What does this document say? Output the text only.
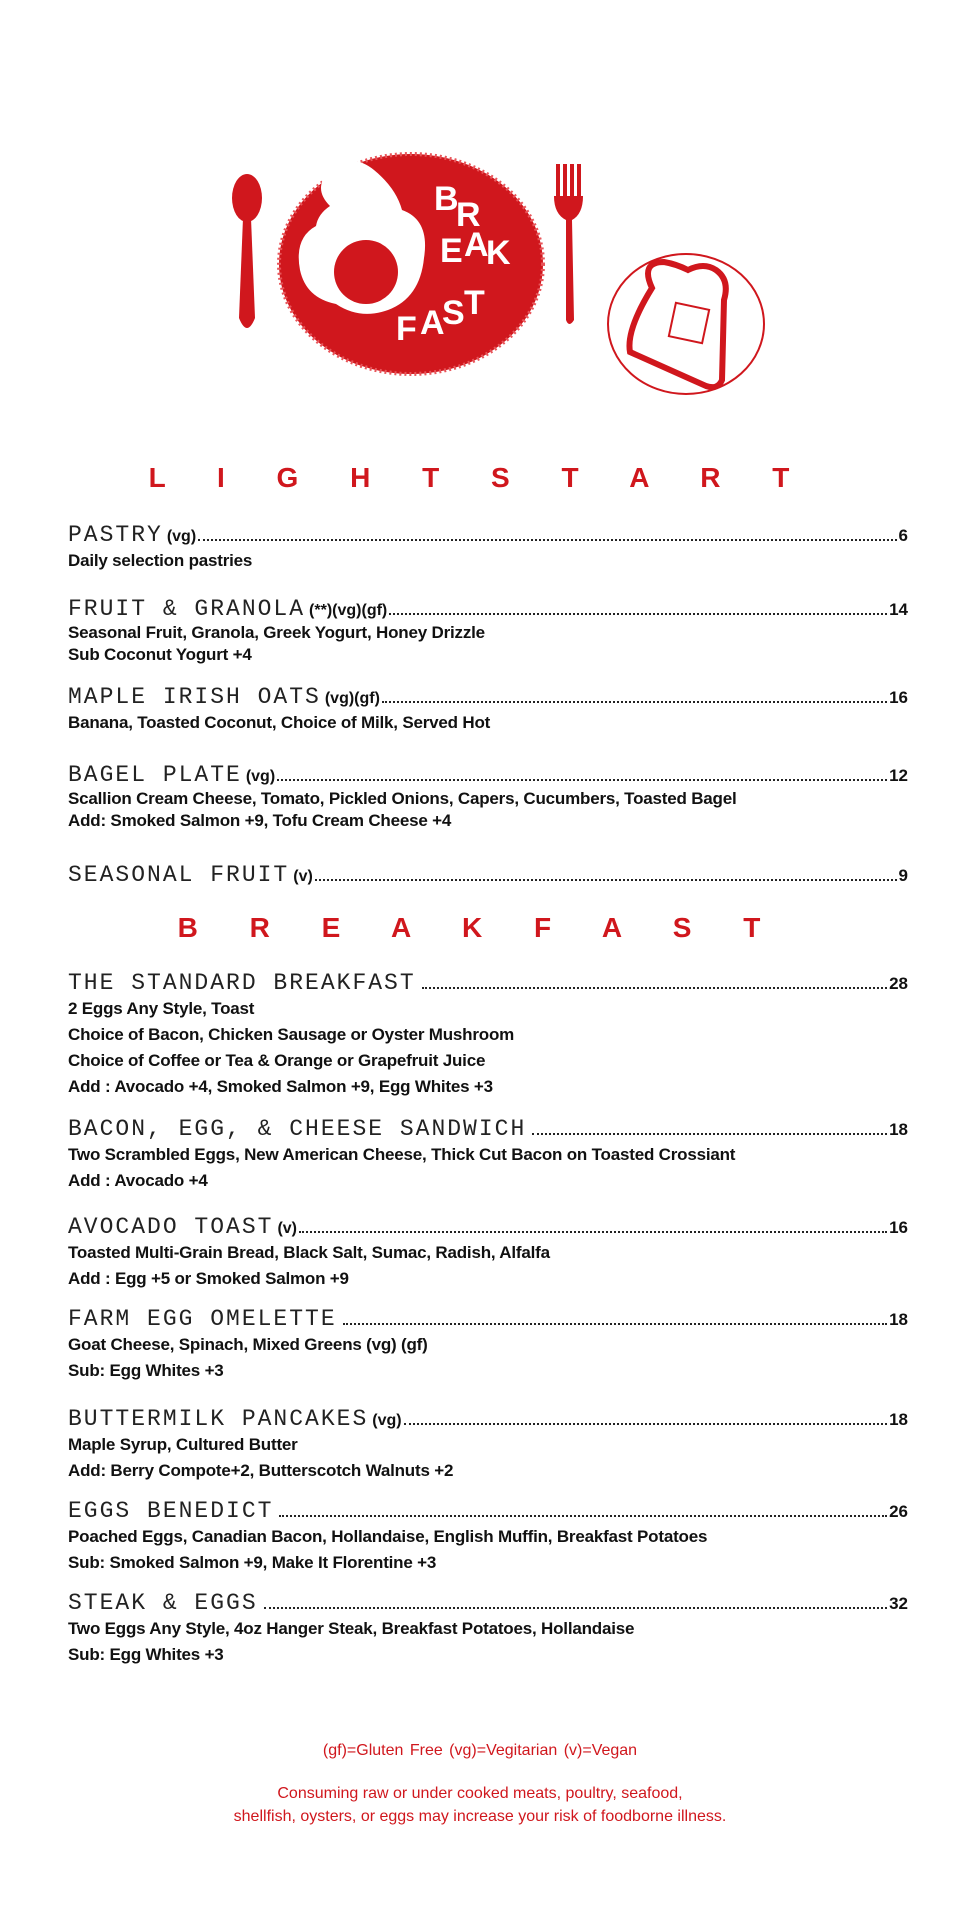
B
R
E A
K
F A
S T
L I G H T S T A R T
PASTRY (vg)	6
Daily selection pastries
FRUIT & GRANOLA (**)(vg)(gf)	14
Seasonal Fruit, Granola, Greek Yogurt, Honey Drizzle
Sub Coconut Yogurt +4
MAPLE IRISH OATS (vg)(gf)	16
Banana, Toasted Coconut, Choice of Milk, Served Hot
BAGEL PLATE (vg)	12
Scallion Cream Cheese, Tomato, Pickled Onions, Capers, Cucumbers, Toasted Bagel
Add: Smoked Salmon +9, Tofu Cream Cheese +4
SEASONAL FRUIT (v)	9
B R E A K F A S T
THE STANDARD BREAKFAST	28
2 Eggs Any Style, Toast
Choice of Bacon, Chicken Sausage or Oyster Mushroom
Choice of Coffee or Tea & Orange or Grapefruit Juice
Add : Avocado +4, Smoked Salmon +9, Egg Whites +3
BACON, EGG, & CHEESE SANDWICH	18
Two Scrambled Eggs, New American Cheese, Thick Cut Bacon on Toasted Crossiant
Add : Avocado +4
AVOCADO TOAST (v)	16
Toasted Multi-Grain Bread, Black Salt, Sumac, Radish, Alfalfa
Add : Egg +5 or Smoked Salmon +9
FARM EGG OMELETTE	18
Goat Cheese, Spinach, Mixed Greens (vg) (gf)
Sub: Egg Whites +3
BUTTERMILK PANCAKES (vg)	18
Maple Syrup, Cultured Butter
Add: Berry Compote+2, Butterscotch Walnuts +2
EGGS BENEDICT	26
Poached Eggs, Canadian Bacon, Hollandaise, English Muffin, Breakfast Potatoes
Sub: Smoked Salmon +9, Make It Florentine +3
STEAK & EGGS	32
Two Eggs Any Style, 4oz Hanger Steak, Breakfast Potatoes, Hollandaise
Sub: Egg Whites +3
(gf)=Gluten Free (vg)=Vegitarian (v)=Vegan
Consuming raw or under cooked meats, poultry, seafood,
shellfish, oysters, or eggs may increase your risk of foodborne illness.
